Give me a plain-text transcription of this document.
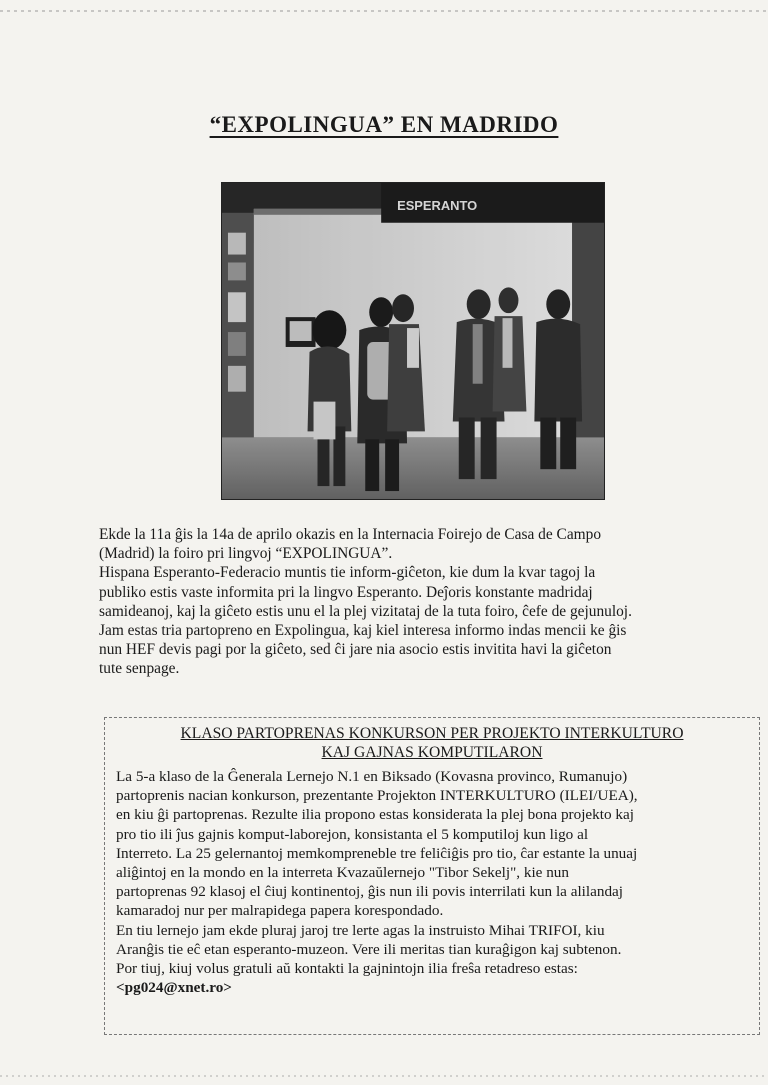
“EXPOLINGUA” EN MADRIDO
ESPERANTO
Ekde la 11a ĝis la 14a de aprilo okazis en la Internacia Foirejo de Casa de Campo
(Madrid) la foiro pri lingvoj “EXPOLINGUA”.
Hispana Esperanto-Federacio muntis tie inform-giĉeton, kie dum la kvar tagoj la
publiko estis vaste informita pri la lingvo Esperanto. Deĵoris konstante madridaj
samideanoj, kaj la giĉeto estis unu el la plej vizitataj de la tuta foiro, ĉefe de gejunuloj.
Jam estas tria partopreno en Expolingua, kaj kiel interesa informo indas mencii ke ĝis
nun HEF devis pagi por la giĉeto, sed ĉi jare nia asocio estis invitita havi la giĉeton
tute senpage.
KLASO PARTOPRENAS KONKURSON PER PROJEKTO INTERKULTURO
KAJ GAJNAS KOMPUTILARON
La 5-a klaso de la Ĝenerala Lernejo N.1 en Biksado (Kovasna provinco, Rumanujo)
partoprenis nacian konkurson, prezentante Projekton INTERKULTURO (ILEI/UEA),
en kiu ĝi partoprenas. Rezulte ilia propono estas konsiderata la plej bona projekto kaj
pro tio ili ĵus gajnis komput-laborejon, konsistanta el 5 komputiloj kun ligo al
Interreto. La 25 gelernantoj memkompreneble tre feliĉiĝis pro tio, ĉar estante la unuaj
aliĝintoj en la mondo en la interreta Kvazaŭlernejo "Tibor Sekelj", kie nun
partoprenas 92 klasoj el ĉiuj kontinentoj, ĝis nun ili povis interrilati kun la alilandaj
kamaradoj nur per malrapidega papera korespondado.
En tiu lernejo jam ekde pluraj jaroj tre lerte agas la instruisto Mihai TRIFOI, kiu
Aranĝis tie eĉ etan esperanto-muzeon. Vere ili meritas tian kuraĝigon kaj subtenon.
Por tiuj, kiuj volus gratuli aŭ kontakti la gajnintojn ilia freŝa retadreso estas:
<pg024@xnet.ro>
